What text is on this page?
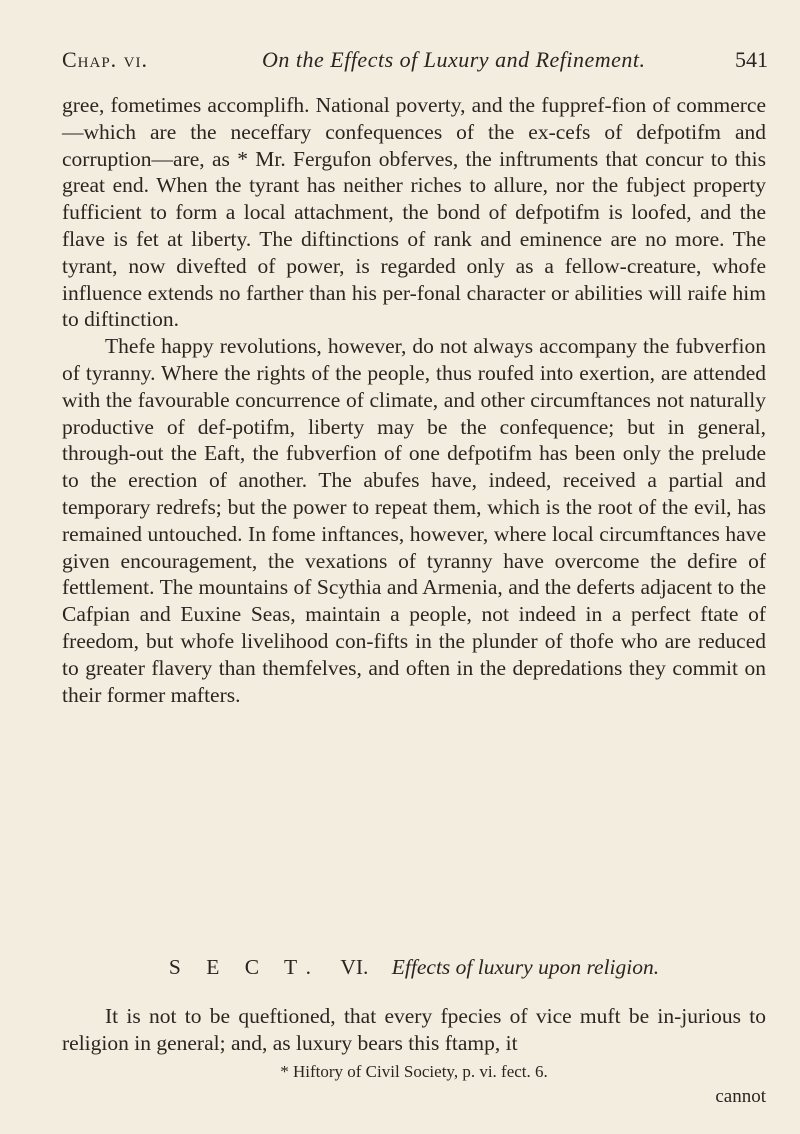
Chap. vi.	On the Effects of Luxury and Refinement.	541

gree, fometimes accomplifh. National poverty, and the fuppref-fion of commerce—which are the neceffary confequences of the ex-cefs of defpotifm and corruption—are, as * Mr. Fergufon obferves, the inftruments that concur to this great end. When the tyrant has neither riches to allure, nor the fubject property fufficient to form a local attachment, the bond of defpotifm is loofed, and the flave is fet at liberty. The diftinctions of rank and eminence are no more. The tyrant, now divefted of power, is regarded only as a fellow-creature, whofe influence extends no farther than his per-fonal character or abilities will raife him to diftinction.

Thefe happy revolutions, however, do not always accompany the fubverfion of tyranny. Where the rights of the people, thus roufed into exertion, are attended with the favourable concurrence of climate, and other circumftances not naturally productive of def-potifm, liberty may be the confequence; but in general, through-out the Eaft, the fubverfion of one defpotifm has been only the prelude to the erection of another. The abufes have, indeed, received a partial and temporary redrefs; but the power to repeat them, which is the root of the evil, has remained untouched. In fome inftances, however, where local circumftances have given encouragement, the vexations of tyranny have overcome the defire of fettlement. The mountains of Scythia and Armenia, and the deferts adjacent to the Cafpian and Euxine Seas, maintain a people, not indeed in a perfect ftate of freedom, but whofe livelihood con-fifts in the plunder of thofe who are reduced to greater flavery than themfelves, and often in the depredations they commit on their former mafters.

S E C T. VI. Effects of luxury upon religion.

It is not to be queftioned, that every fpecies of vice muft be in-jurious to religion in general; and, as luxury bears this ftamp, it

* Hiftory of Civil Society, p. vi. fect. 6.
cannot
